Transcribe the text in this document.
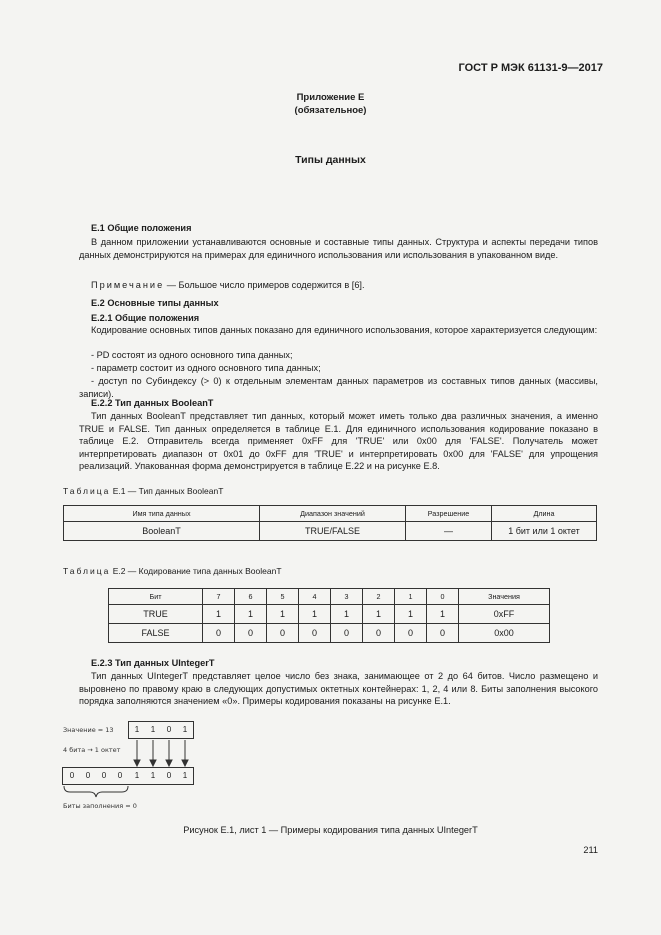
ГОСТ Р МЭК 61131-9—2017
Приложение Е
(обязательное)
Типы данных
Е.1 Общие положения
В данном приложении устанавливаются основные и составные типы данных. Структура и аспекты передачи типов данных демонстрируются на примерах для единичного использования или использования в упакованном виде.
Примечание — Большое число примеров содержится в [6].
Е.2 Основные типы данных
Е.2.1 Общие положения
Кодирование основных типов данных показано для единичного использования, которое характеризуется следующим:
- PD состоят из одного основного типа данных;
- параметр состоит из одного основного типа данных;
- доступ по Субиндексу (> 0) к отдельным элементам данных параметров из составных типов данных (массивы, записи).
Е.2.2 Тип данных BooleanT
Тип данных BooleanT представляет тип данных, который может иметь только два различных значения, а именно TRUE и FALSE. Тип данных определяется в таблице Е.1. Для единичного использования кодирование показано в таблице Е.2. Отправитель всегда применяет 0xFF для 'TRUE' или 0x00 для 'FALSE'. Получатель может интерпретировать диапазон от 0x01 до 0xFF для 'TRUE' и интерпретировать 0x00 для 'FALSE' для упрощения реализаций. Упакованная форма демонстрируется в таблице Е.22 и на рисунке Е.8.
Таблица Е.1 — Тип данных BooleanT
Имя типа данных	Диапазон значений	Разрешение	Длина
BooleanT	TRUE/FALSE	—	1 бит или 1 октет
Таблица Е.2 — Кодирование типа данных BooleanT
Бит	7	6	5	4	3	2	1	0	Значения
TRUE	1	1	1	1	1	1	1	1	0xFF
FALSE	0	0	0	0	0	0	0	0	0x00
Е.2.3 Тип данных UIntegerT
Тип данных UIntegerT представляет целое число без знака, занимающее от 2 до 64 битов. Число размещено и выровнено по правому краю в следующих допустимых октетных контейнерах: 1, 2, 4 или 8. Биты заполнения выcокого порядка заполняются значением «0». Примеры кодирования показаны на рисунке Е.1.
Значение = 13	1	1	0	1
4 бита → 1 октет
0	0	0	0	1	1	0	1
Биты заполнения = 0
Рисунок Е.1, лист 1 — Примеры кодирования типа данных UIntegerT
211
